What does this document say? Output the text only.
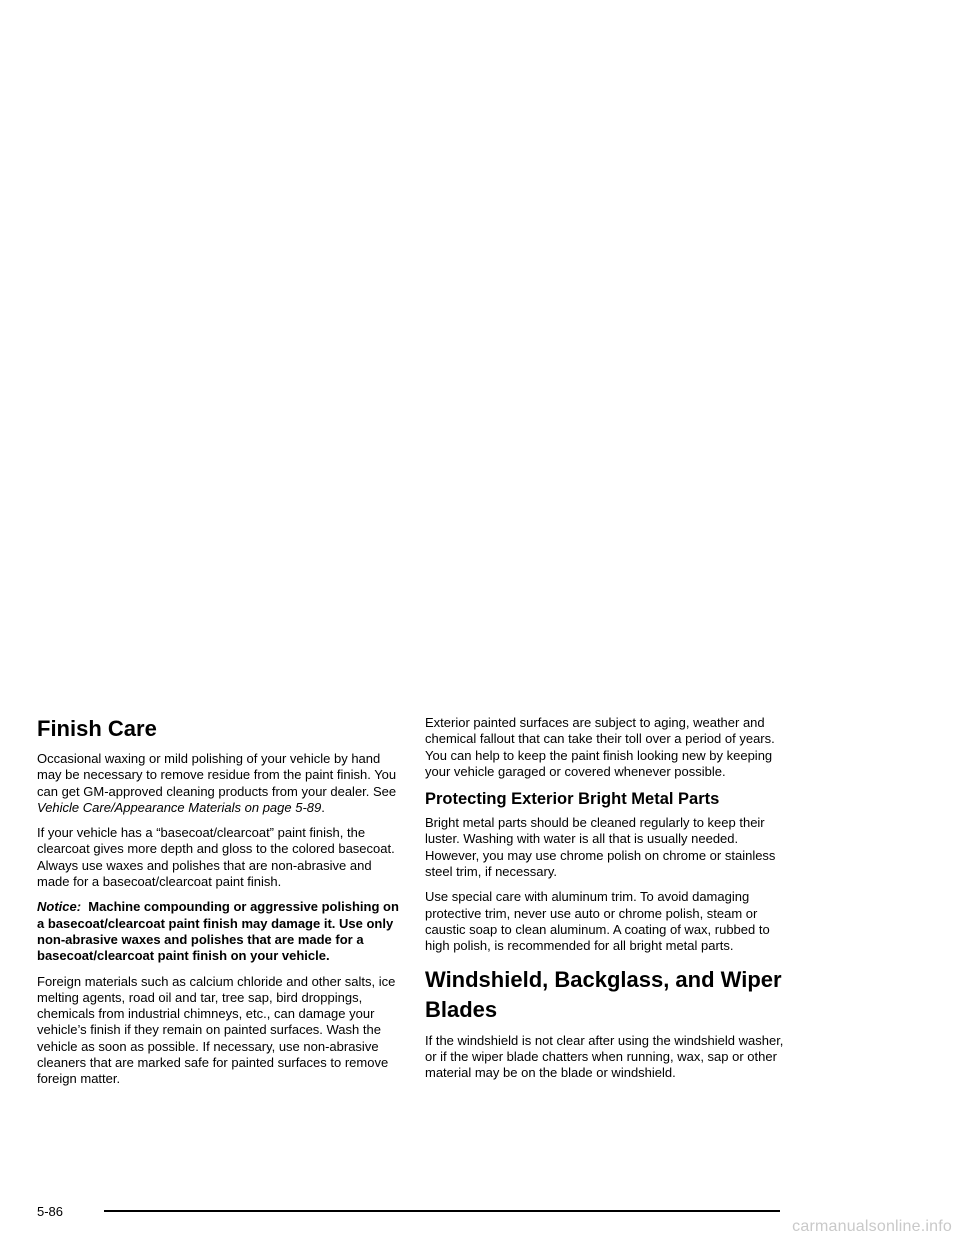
Finish Care

Occasional waxing or mild polishing of your vehicle by hand may be necessary to remove residue from the paint finish. You can get GM-approved cleaning products from your dealer. See Vehicle Care/Appearance Materials on page 5-89.

If your vehicle has a “basecoat/clearcoat” paint finish, the clearcoat gives more depth and gloss to the colored basecoat. Always use waxes and polishes that are non-abrasive and made for a basecoat/clearcoat paint finish.

Notice: Machine compounding or aggressive polishing on a basecoat/clearcoat paint finish may damage it. Use only non-abrasive waxes and polishes that are made for a basecoat/clearcoat paint finish on your vehicle.

Foreign materials such as calcium chloride and other salts, ice melting agents, road oil and tar, tree sap, bird droppings, chemicals from industrial chimneys, etc., can damage your vehicle’s finish if they remain on painted surfaces. Wash the vehicle as soon as possible. If necessary, use non-abrasive cleaners that are marked safe for painted surfaces to remove foreign matter.

Exterior painted surfaces are subject to aging, weather and chemical fallout that can take their toll over a period of years. You can help to keep the paint finish looking new by keeping your vehicle garaged or covered whenever possible.

Protecting Exterior Bright Metal Parts

Bright metal parts should be cleaned regularly to keep their luster. Washing with water is all that is usually needed. However, you may use chrome polish on chrome or stainless steel trim, if necessary.

Use special care with aluminum trim. To avoid damaging protective trim, never use auto or chrome polish, steam or caustic soap to clean aluminum. A coating of wax, rubbed to high polish, is recommended for all bright metal parts.

Windshield, Backglass, and Wiper Blades

If the windshield is not clear after using the windshield washer, or if the wiper blade chatters when running, wax, sap or other material may be on the blade or windshield.

5-86
carmanualsonline.info
